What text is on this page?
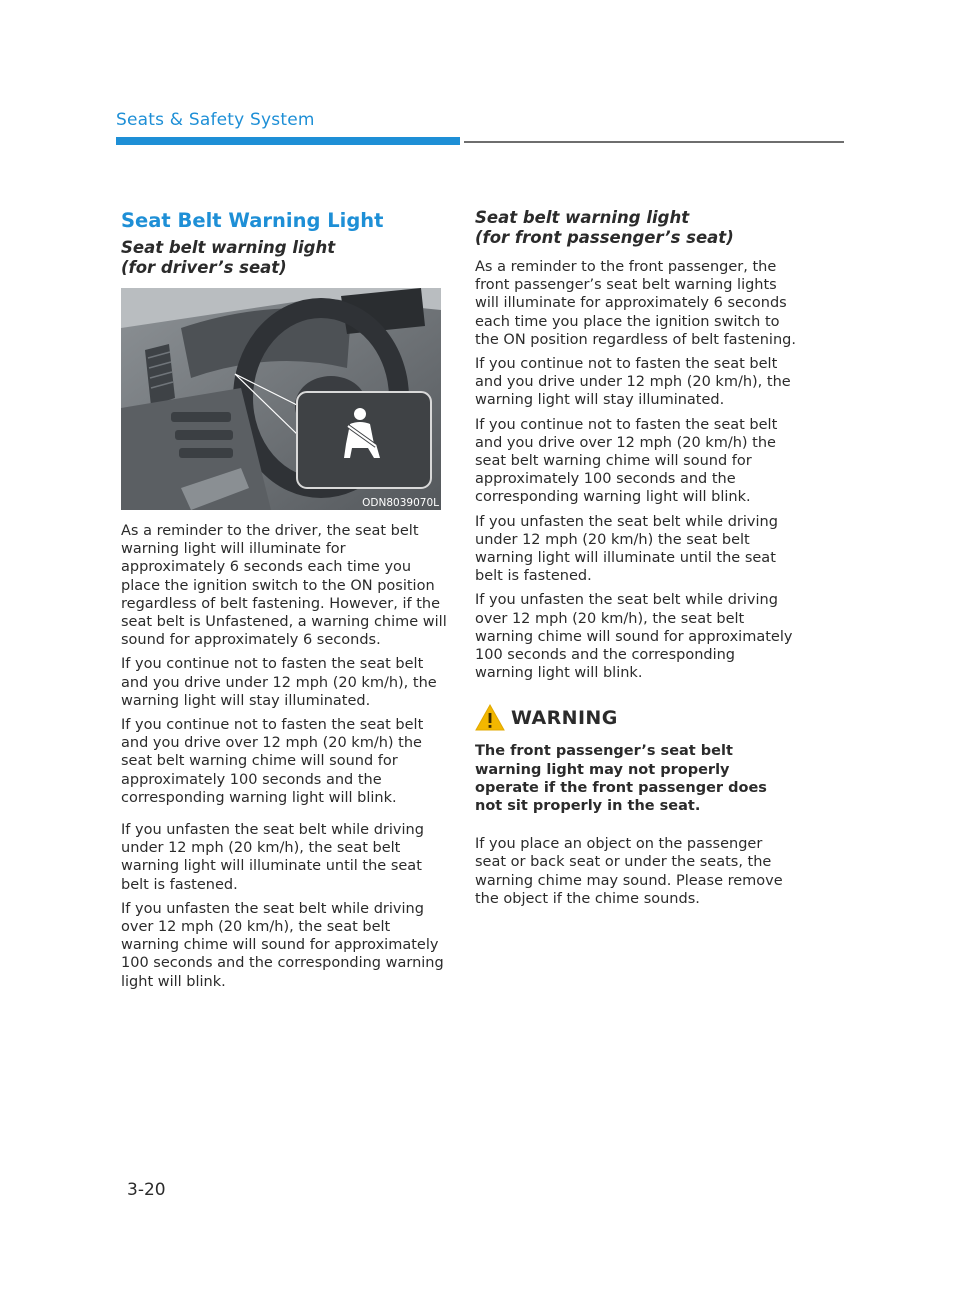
Seats & Safety System
Seat Belt Warning Light
Seat belt warning light
(for driver’s seat)
ODN8039070L

As a reminder to the driver, the seat belt warning light will illuminate for approximately 6 seconds each time you place the ignition switch to the ON position regardless of belt fastening. However, if the seat belt is Unfastened, a warning chime will sound for approximately 6 seconds.

If you continue not to fasten the seat belt and you drive under 12 mph (20 km/h), the warning light will stay illuminated.

If you continue not to fasten the seat belt and you drive over 12 mph (20 km/h) the seat belt warning chime will sound for approximately 100 seconds and the corresponding warning light will blink.

If you unfasten the seat belt while driving under 12 mph (20 km/h), the seat belt warning light will illuminate until the seat belt is fastened.

If you unfasten the seat belt while driving over 12 mph (20 km/h), the seat belt warning chime will sound for approximately 100 seconds and the corresponding warning light will blink.

Seat belt warning light
(for front passenger’s seat)

As a reminder to the front passenger, the front passenger’s seat belt warning lights will illuminate for approximately 6 seconds each time you place the ignition switch to the ON position regardless of belt fastening.

If you continue not to fasten the seat belt and you drive under 12 mph (20 km/h), the warning light will stay illuminated.

If you continue not to fasten the seat belt and you drive over 12 mph (20 km/h) the seat belt warning chime will sound for approximately 100 seconds and the corresponding warning light will blink.

If you unfasten the seat belt while driving under 12 mph (20 km/h) the seat belt warning light will illuminate until the seat belt is fastened.

If you unfasten the seat belt while driving over 12 mph (20 km/h), the seat belt warning chime will sound for approximately 100 seconds and the corresponding warning light will blink.

WARNING

The front passenger’s seat belt warning light may not properly operate if the front passenger does not sit properly in the seat.

If you place an object on the passenger seat or back seat or under the seats, the warning chime may sound. Please remove the object if the chime sounds.

3-20
